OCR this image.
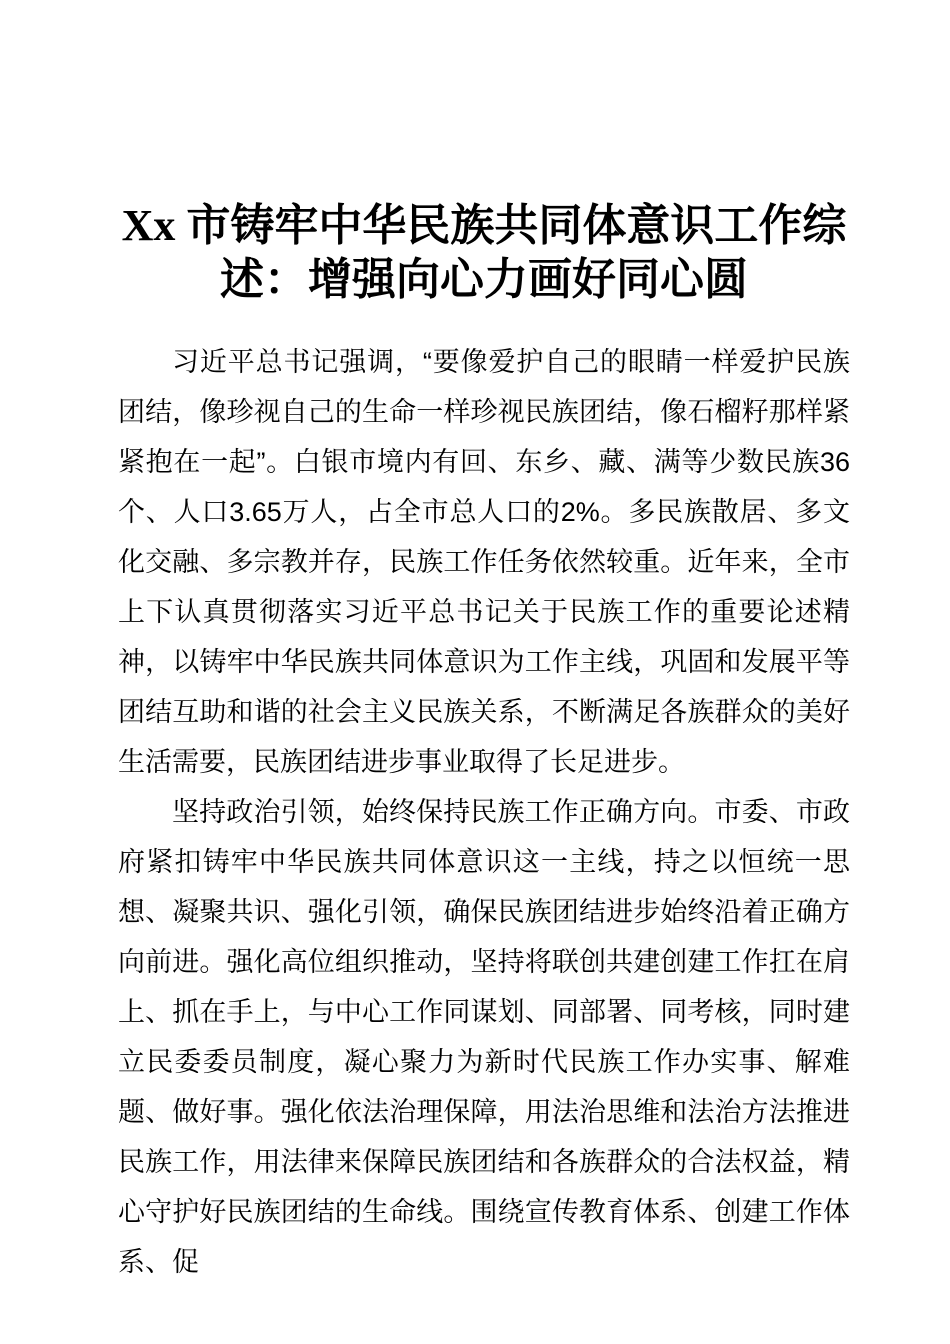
Xx 市铸牢中华民族共同体意识工作综
述：增强向心力画好同心圆

习近平总书记强调，“要像爱护自己的眼睛一样爱护民族团结，像珍视自己的生命一样珍视民族团结，像石榴籽那样紧紧抱在一起”。白银市境内有回、东乡、藏、满等少数民族36个、人口3.65万人，占全市总人口的2%。多民族散居、多文化交融、多宗教并存，民族工作任务依然较重。近年来，全市上下认真贯彻落实习近平总书记关于民族工作的重要论述精神，以铸牢中华民族共同体意识为工作主线，巩固和发展平等团结互助和谐的社会主义民族关系，不断满足各族群众的美好生活需要，民族团结进步事业取得了长足进步。

坚持政治引领，始终保持民族工作正确方向。市委、市政府紧扣铸牢中华民族共同体意识这一主线，持之以恒统一思想、凝聚共识、强化引领，确保民族团结进步始终沿着正确方向前进。强化高位组织推动，坚持将联创共建创建工作扛在肩上、抓在手上，与中心工作同谋划、同部署、同考核，同时建立民委委员制度，凝心聚力为新时代民族工作办实事、解难题、做好事。强化依法治理保障，用法治思维和法治方法推进民族工作，用法律来保障民族团结和各族群众的合法权益，精心守护好民族团结的生命线。围绕宣传教育体系、创建工作体系、促
